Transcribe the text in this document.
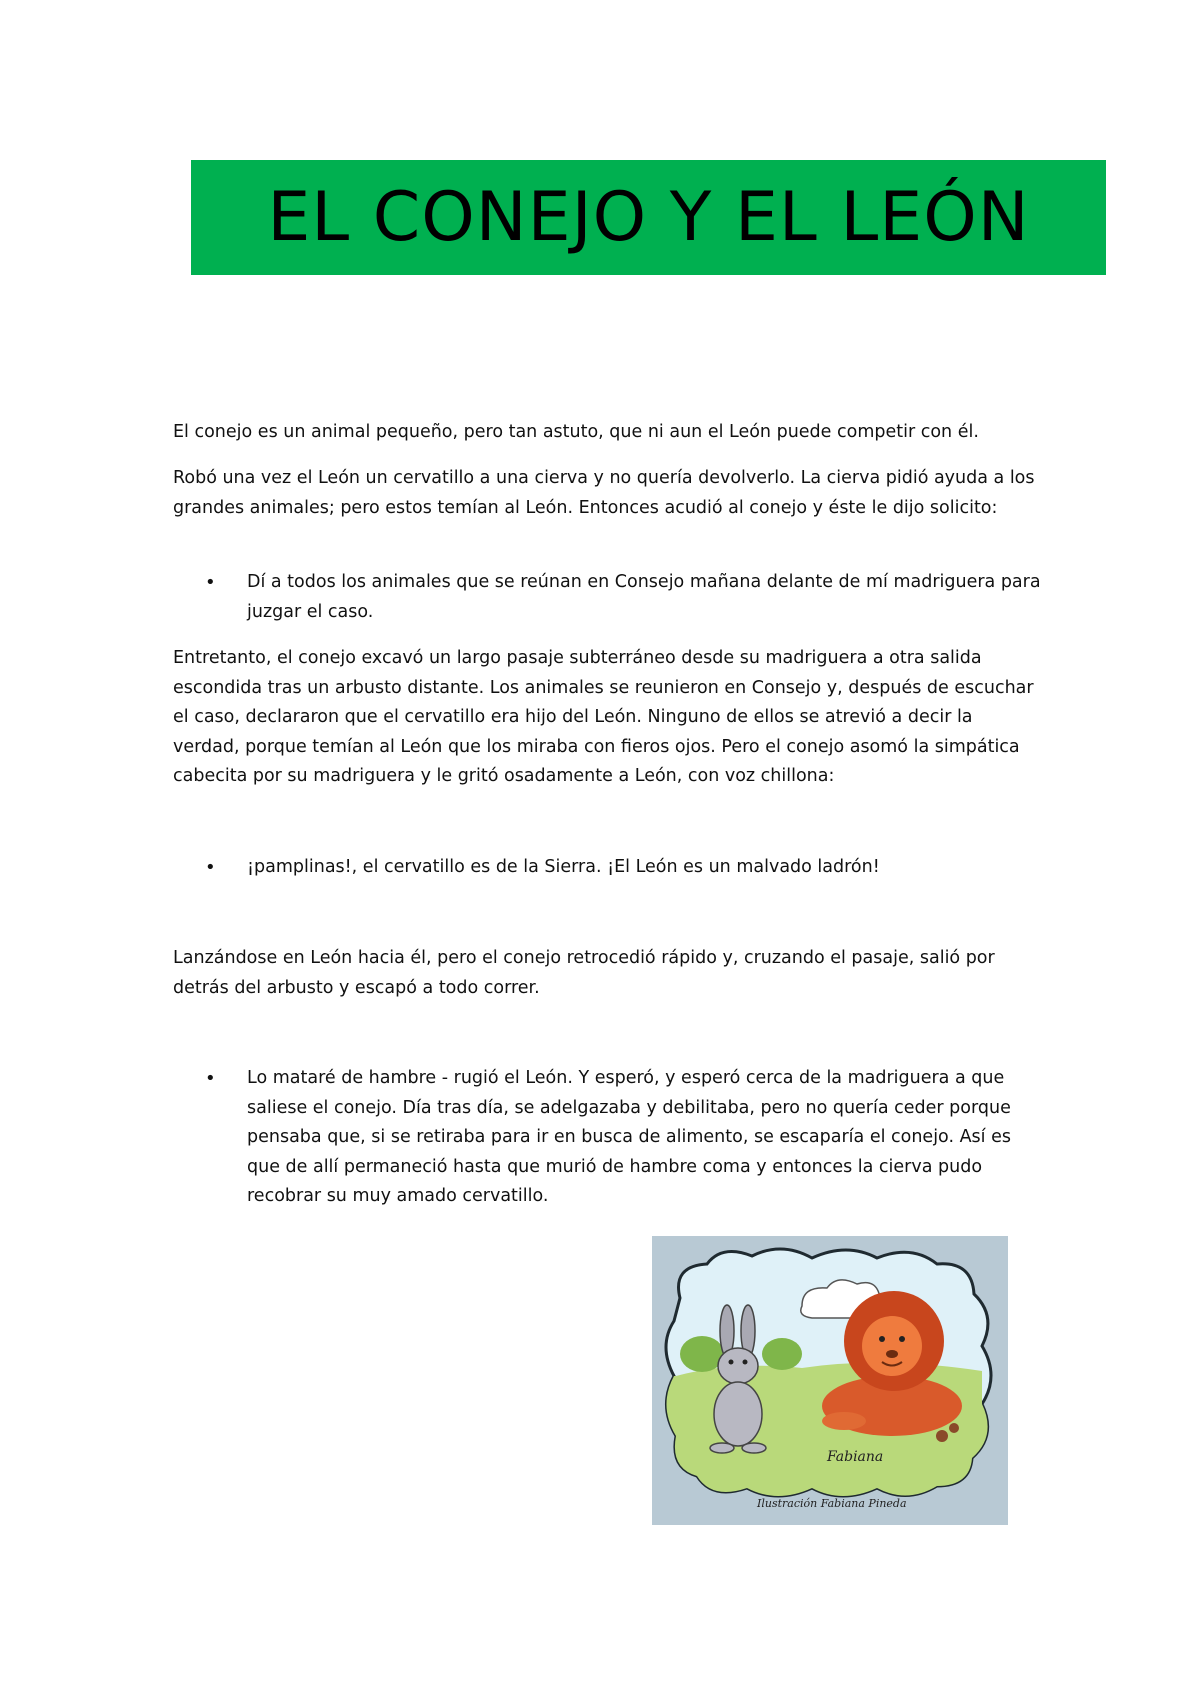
EL CONEJO Y EL LEÓN

El conejo es un animal pequeño, pero tan astuto, que ni aun el León puede competir con él.

Robó una vez el León un cervatillo a una cierva y no quería devolverlo. La cierva pidió ayuda a los grandes animales; pero estos temían al León. Entonces acudió al conejo y éste le dijo solicito:

• Dí a todos los animales que se reúnan en Consejo mañana delante de mí madriguera para juzgar el caso.

Entretanto, el conejo excavó un largo pasaje subterráneo desde su madriguera a otra salida escondida tras un arbusto distante. Los animales se reunieron en Consejo y, después de escuchar el caso, declararon que el cervatillo era hijo del León. Ninguno de ellos se atrevió a decir la verdad, porque temían al León que los miraba con fieros ojos. Pero el conejo asomó la simpática cabecita por su madriguera y le gritó osadamente a León, con voz chillona:

• ¡pamplinas!, el cervatillo es de la Sierra. ¡El León es un malvado ladrón!

Lanzándose en León hacia él, pero el conejo retrocedió rápido y, cruzando el pasaje, salió por detrás del arbusto y escapó a todo correr.

• Lo mataré de hambre - rugió el León. Y esperó, y esperó cerca de la madriguera a que saliese el conejo. Día tras día, se adelgazaba y debilitaba, pero no quería ceder porque pensaba que, si se retiraba para ir en busca de alimento, se escaparía el conejo. Así es que de allí permaneció hasta que murió de hambre coma y entonces la cierva pudo recobrar su muy amado cervatillo.
Fabiana
Ilustración Fabiana Pineda
